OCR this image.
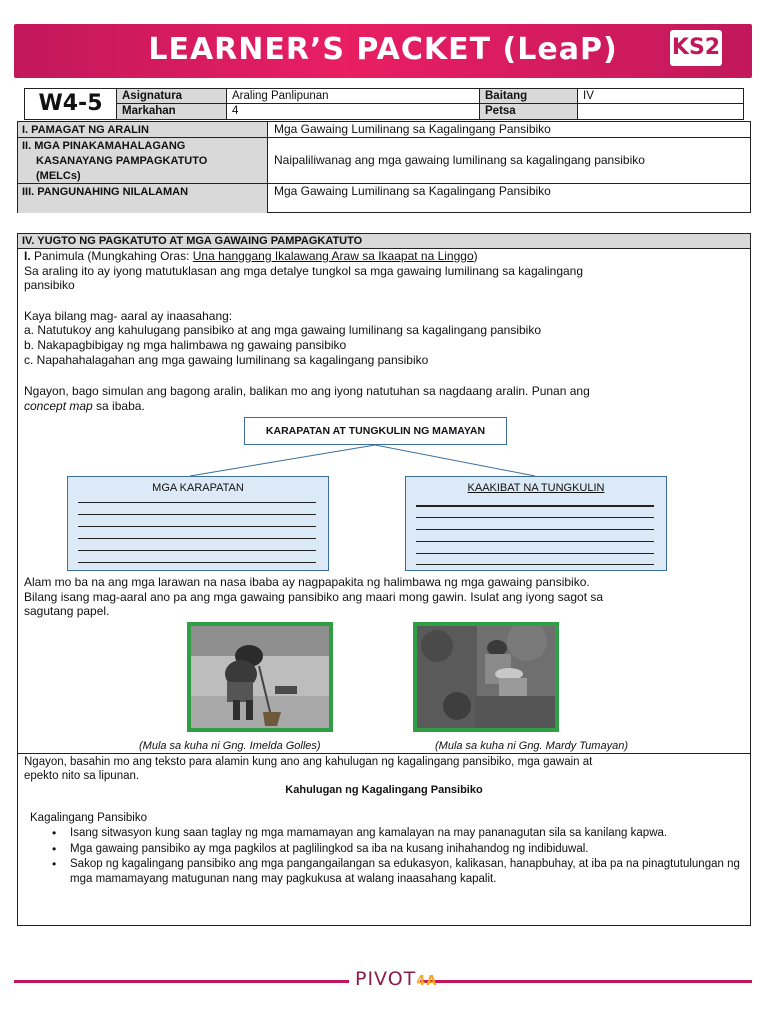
LEARNER’S PACKET (LeaP)	KS2
W4-5	Asignatura	Araling Panlipunan	Baitang	IV
Markahan	4	Petsa
I. PAMAGAT NG ARALIN	Mga Gawaing Lumilinang sa Kagalingang Pansibiko
II. MGA PINAKAMAHALAGANG
KASANAYANG PAMPAGKATUTO
(MELCs)
Naipaliliwanag ang mga gawaing lumilinang sa kagalingang pansibiko
III. PANGUNAHING NILALAMAN	Mga Gawaing Lumilinang sa Kagalingang Pansibiko
IV. YUGTO NG PAGKATUTO AT MGA GAWAING PAMPAGKATUTO
I. Panimula (Mungkahing Oras: Una hanggang Ikalawang Araw sa Ikaapat na Linggo)
Sa araling ito ay iyong matutuklasan ang mga detalye tungkol sa mga gawaing lumilinang sa kagalingang
pansibiko
Kaya bilang mag- aaral ay inaasahang:
a. Natutukoy ang kahulugang pansibiko at ang mga gawaing lumilinang sa kagalingang pansibiko
b. Nakapagbibigay ng mga halimbawa ng gawaing pansibiko
c. Napahahalagahan ang mga gawaing lumilinang sa kagalingang pansibiko
Ngayon, bago simulan ang bagong aralin, balikan mo ang iyong natutuhan sa nagdaang aralin. Punan ang
concept map sa ibaba.
KARAPATAN AT TUNGKULIN NG MAMAYAN
MGA KARAPATAN	KAAKIBAT NA TUNGKULIN
Alam mo ba na ang mga larawan na nasa ibaba ay nagpapakita ng halimbawa ng mga gawaing pansibiko.
Bilang isang mag-aaral ano pa ang mga gawaing pansibiko ang maari mong gawin. Isulat ang iyong sagot sa
sagutang papel.
(Mula sa kuha ni Gng. Imelda Golles)	(Mula sa kuha ni Gng. Mardy Tumayan)
Ngayon, basahin mo ang teksto para alamin kung ano ang kahulugan ng kagalingang pansibiko, mga gawain at
epekto nito sa lipunan.
Kahulugan ng Kagalingang Pansibiko
Kagalingang Pansibiko
• Isang sitwasyon kung saan taglay ng mga mamamayan ang kamalayan na may pananagutan sila sa kanilang kapwa.
• Mga gawaing pansibiko ay mga pagkilos at paglilingkod sa iba na kusang inihahandog ng indibiduwal.
• Sakop ng kagalingang pansibiko ang mga pangangailangan sa edukasyon, kalikasan, hanapbuhay, at iba pa na pinagtutulungan ng mga mamamayang matugunan nang may pagkukusa at walang inaasahang kapalit.
PIVOT4A
